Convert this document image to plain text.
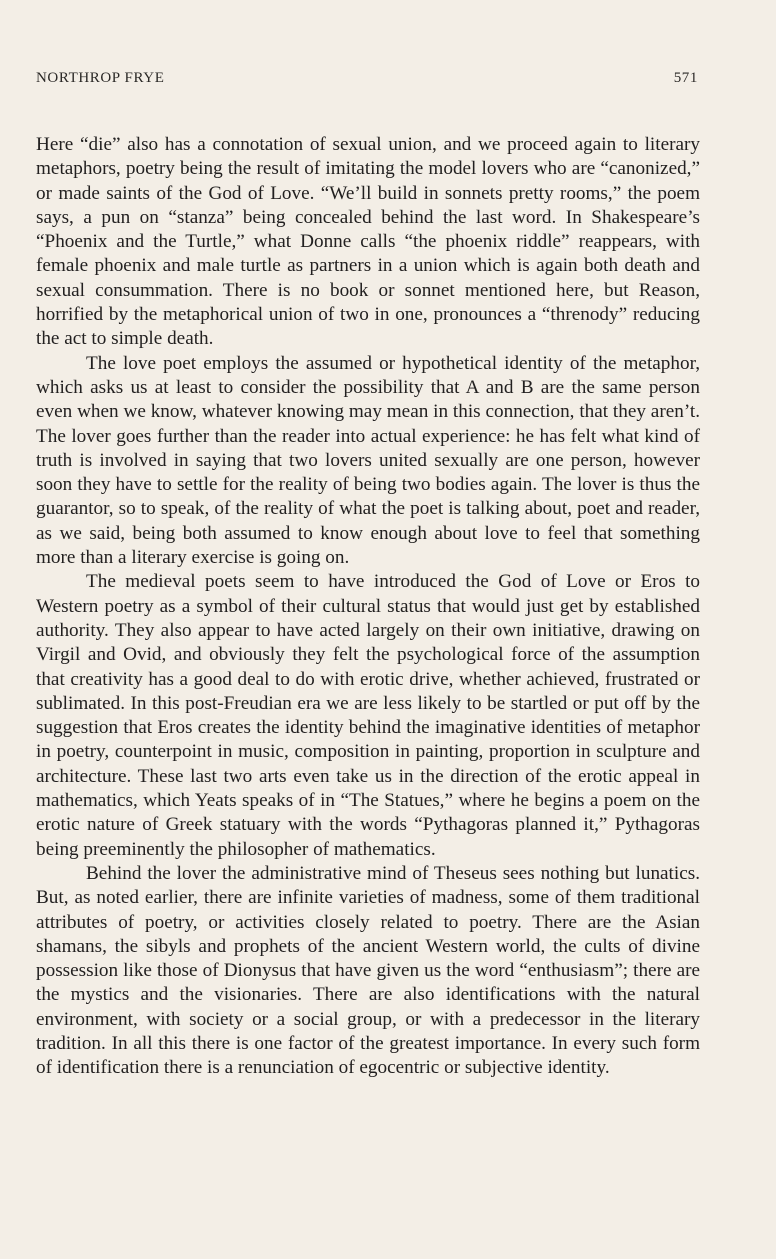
NORTHROP FRYE	571

Here “die” also has a connotation of sexual union, and we proceed again to literary metaphors, poetry being the result of imitating the model lovers who are “canonized,” or made saints of the God of Love. “We’ll build in sonnets pretty rooms,” the poem says, a pun on “stanza” being concealed behind the last word. In Shakespeare’s “Phoenix and the Turtle,” what Donne calls “the phoenix riddle” reappears, with female phoenix and male turtle as partners in a union which is again both death and sexual consummation. There is no book or sonnet mentioned here, but Reason, horrified by the metaphorical union of two in one, pronounces a “threnody” reducing the act to simple death.

The love poet employs the assumed or hypothetical identity of the metaphor, which asks us at least to consider the possibility that A and B are the same person even when we know, whatever knowing may mean in this connection, that they aren’t. The lover goes further than the reader into actual experience: he has felt what kind of truth is involved in saying that two lovers united sexually are one person, however soon they have to settle for the reality of being two bodies again. The lover is thus the guarantor, so to speak, of the reality of what the poet is talking about, poet and reader, as we said, being both assumed to know enough about love to feel that something more than a literary exercise is going on.

The medieval poets seem to have introduced the God of Love or Eros to Western poetry as a symbol of their cultural status that would just get by established authority. They also appear to have acted largely on their own initiative, drawing on Virgil and Ovid, and obviously they felt the psychological force of the assumption that creativity has a good deal to do with erotic drive, whether achieved, frustrated or sublimated. In this post-Freudian era we are less likely to be startled or put off by the suggestion that Eros creates the identity behind the imaginative identities of metaphor in poetry, counterpoint in music, composition in painting, proportion in sculpture and architecture. These last two arts even take us in the direction of the erotic appeal in mathematics, which Yeats speaks of in “The Statues,” where he begins a poem on the erotic nature of Greek statuary with the words “Pythagoras planned it,” Pythagoras being preeminently the philosopher of mathematics.

Behind the lover the administrative mind of Theseus sees nothing but lunatics. But, as noted earlier, there are infinite varieties of madness, some of them traditional attributes of poetry, or activities closely related to poetry. There are the Asian shamans, the sibyls and prophets of the ancient Western world, the cults of divine possession like those of Dionysus that have given us the word “enthusiasm”; there are the mystics and the visionaries. There are also identifications with the natural environment, with society or a social group, or with a predecessor in the literary tradition. In all this there is one factor of the greatest importance. In every such form of identification there is a renunciation of egocentric or subjective identity.
